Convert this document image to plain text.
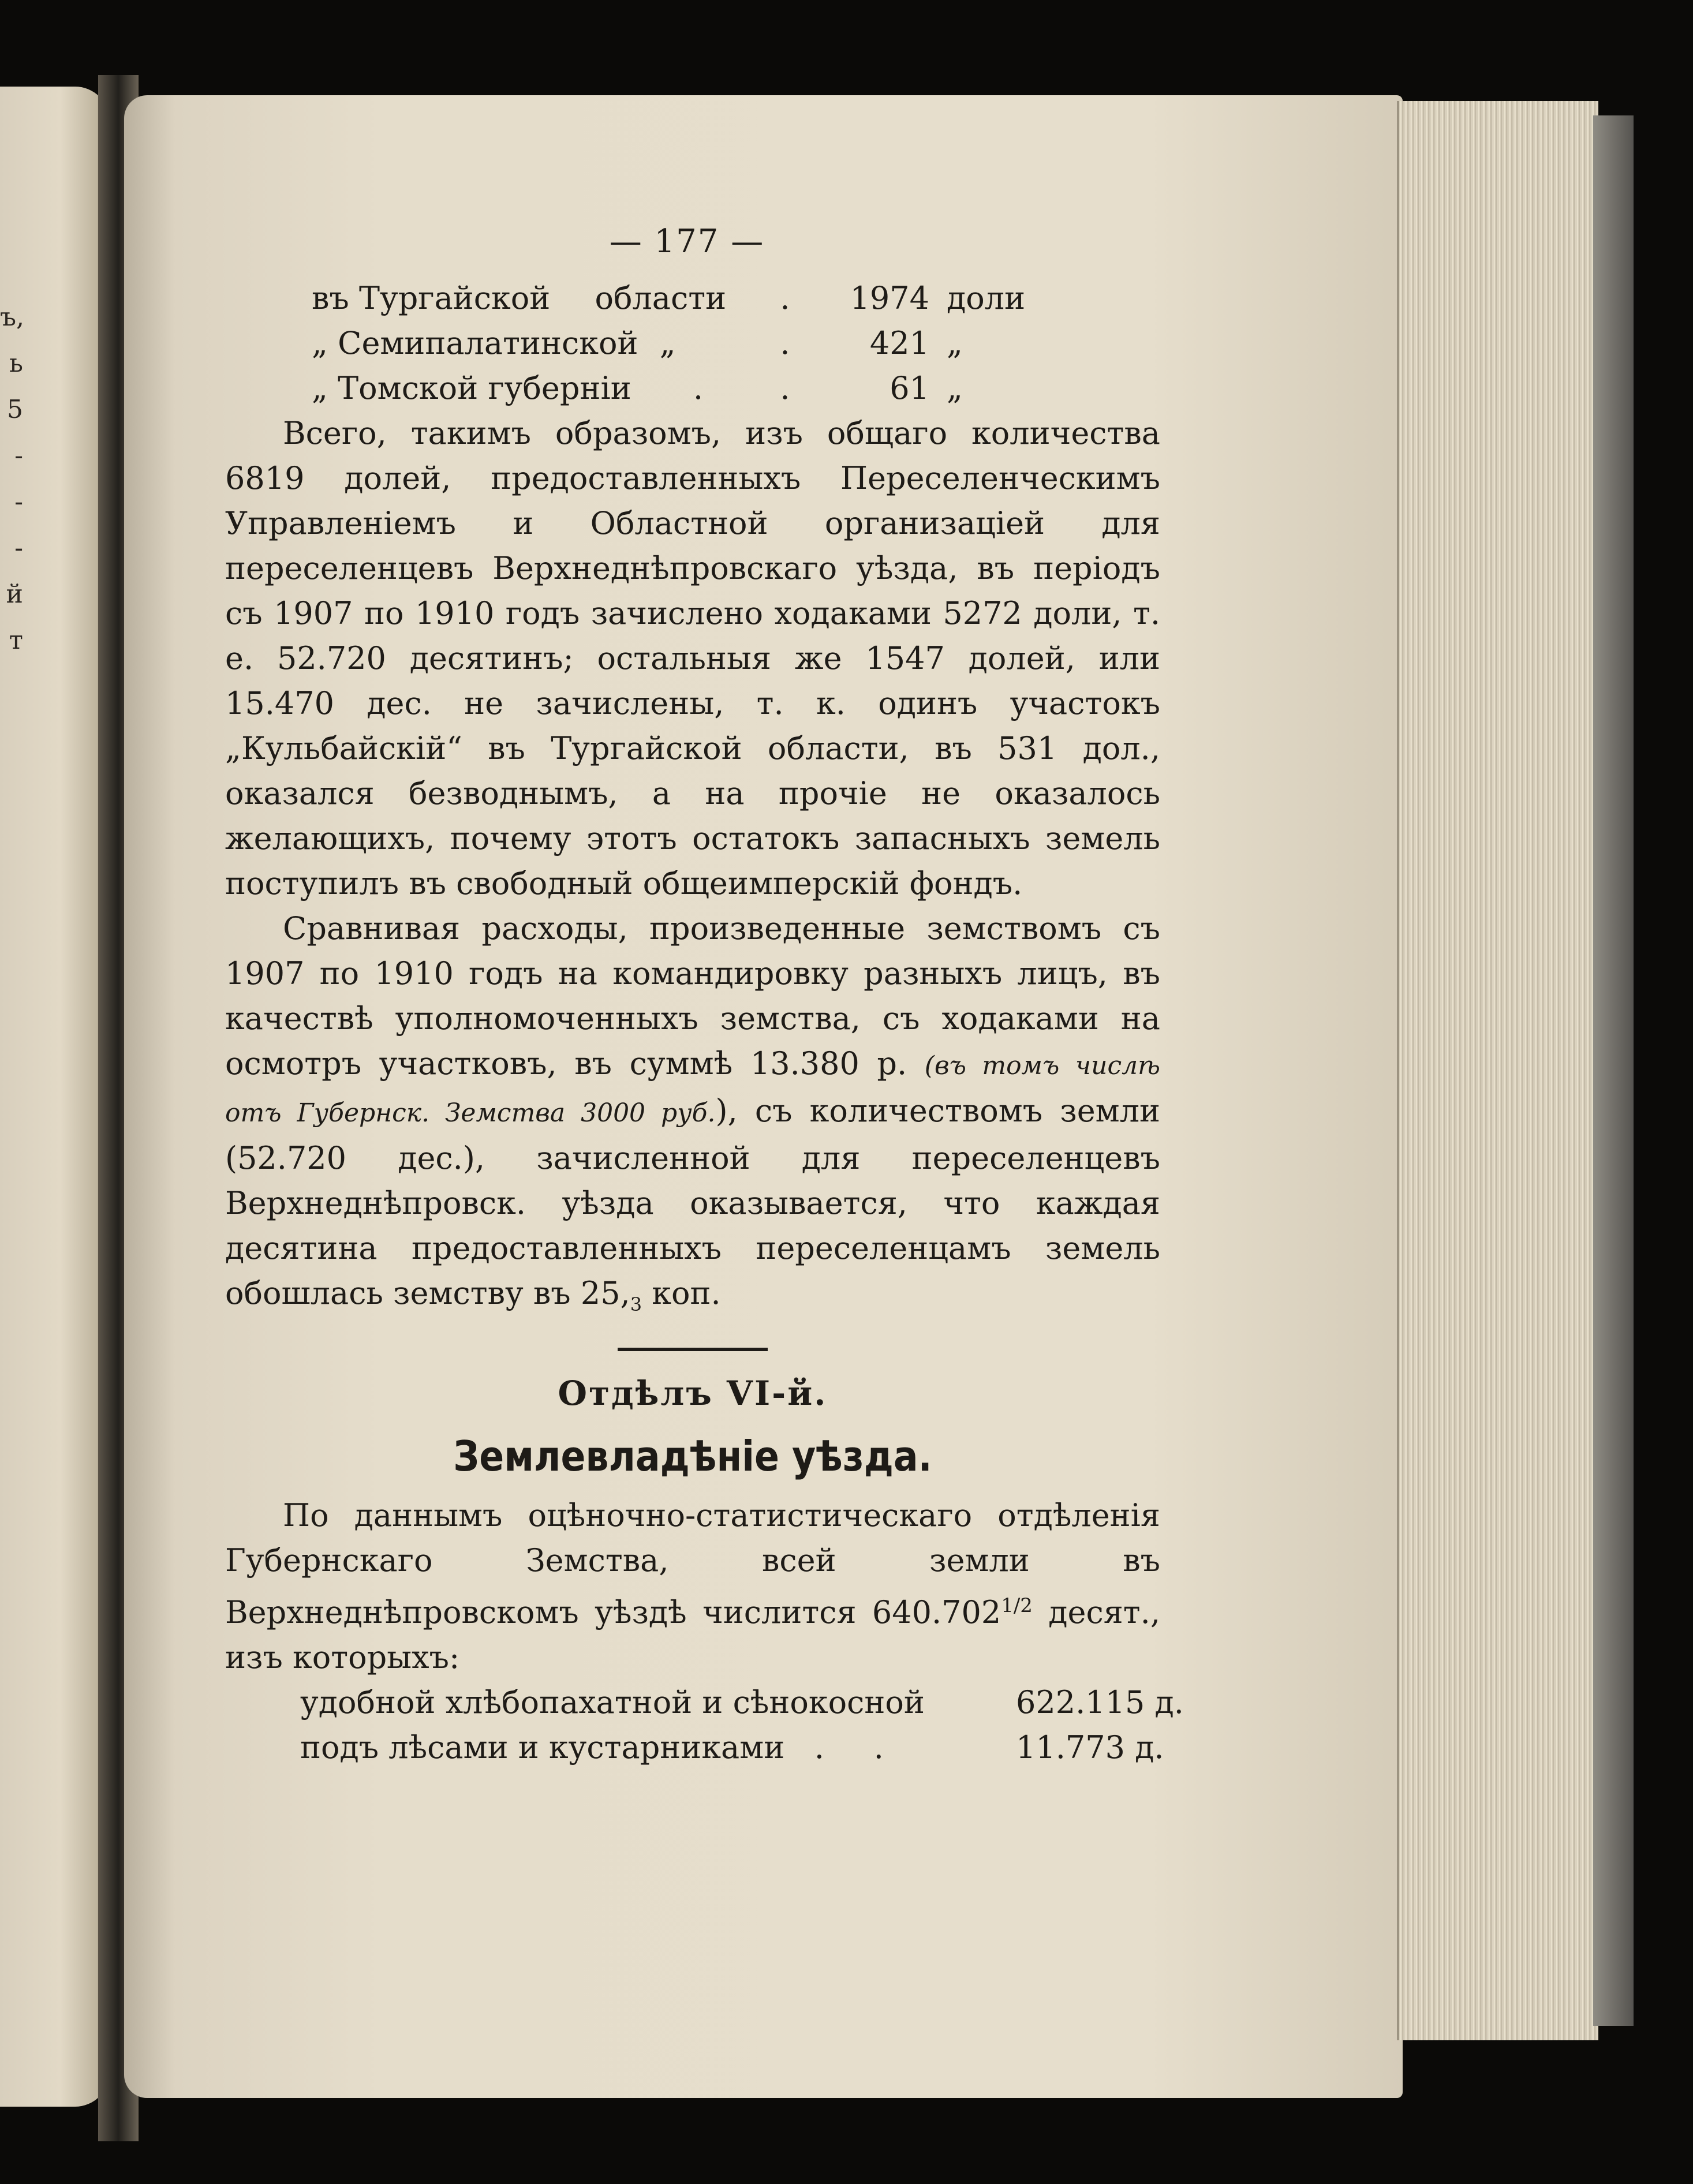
ъ,
ь
5
-
-
-
й
т
— 177 —
въ Тургайской области	.	1974 доли
„ Семипалатинской „	.	421 „
„ Томской губерніи .	.	61 „

Всего, такимъ образомъ, изъ общаго количества 6819 долей, предоставленныхъ Переселенческимъ Управленіемъ и Областной организаціей для переселенцевъ Верхнеднѣпровскаго уѣзда, въ періодъ съ 1907 по 1910 годъ зачислено ходаками 5272 доли, т. е. 52.720 десятинъ; остальныя же 1547 долей, или 15.470 дес. не зачислены, т. к. одинъ участокъ „Кульбайскій“ въ Тургайской области, въ 531 дол., оказался безводнымъ, а на прочіе не оказалось желающихъ, почему этотъ остатокъ запасныхъ земель поступилъ въ свободный общеимперскій фондъ.

Сравнивая расходы, произведенные земствомъ съ 1907 по 1910 годъ на командировку разныхъ лицъ, въ качествѣ уполномоченныхъ земства, съ ходаками на осмотръ участковъ, въ суммѣ 13.380 р. (въ томъ числѣ отъ Губернск. Земства 3000 руб.), съ количествомъ земли (52.720 дес.), зачисленной для переселенцевъ Верхнеднѣпровск. уѣзда оказывается, что каждая десятина предоставленныхъ переселенцамъ земель обошлась земству въ $25,_3$ коп.

Отдѣлъ VI-й.
Землевладѣніе уѣзда.

По даннымъ оцѣночно-статистическаго отдѣленія Губернскаго Земства, всей земли въ Верхнеднѣпровскомъ уѣздѣ числится $640.702^{1/2}$ десят., изъ которыхъ:

удобной хлѣбопахатной и сѣнокосной	622.115 д.
подъ лѣсами и кустарниками   .     .	11.773 д.
